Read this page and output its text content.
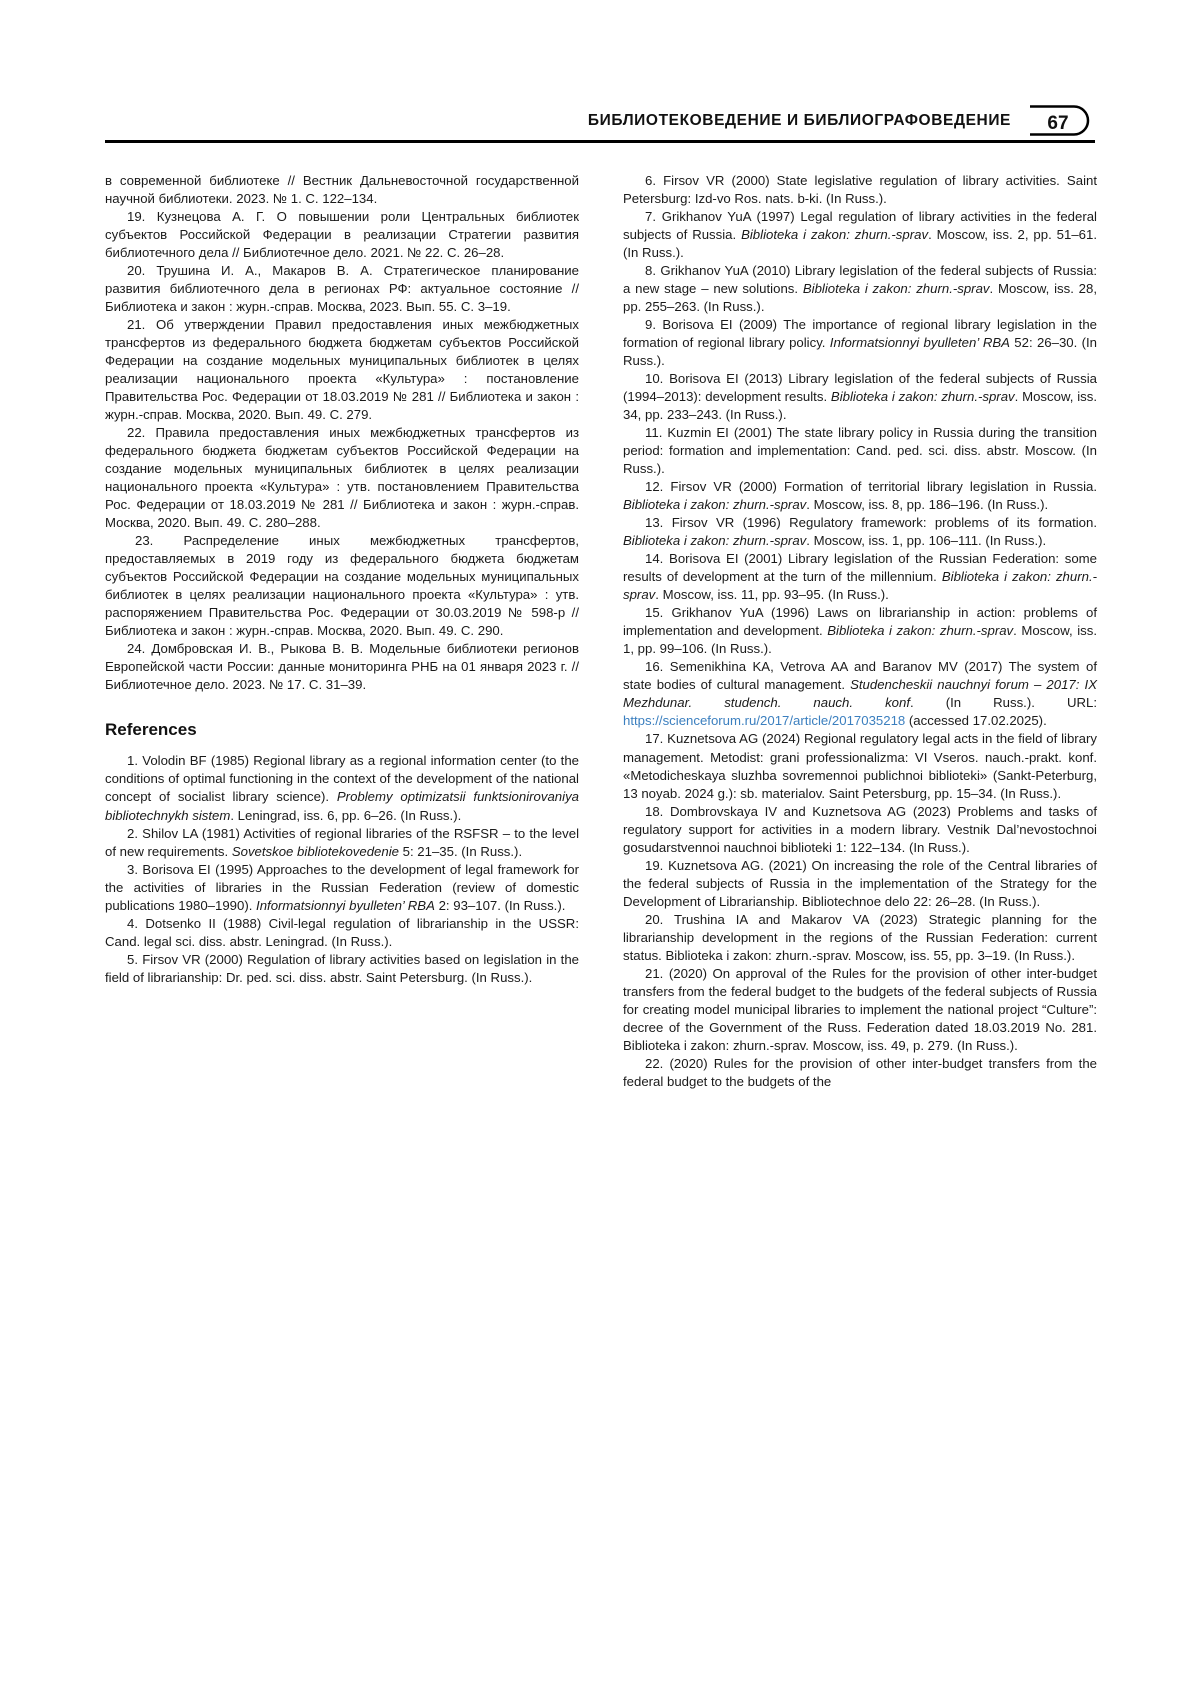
БИБЛИОТЕКОВЕДЕНИЕ И БИБЛИОГРАФОВЕДЕНИЕ	67

в современной библиотеке // Вестник Дальневосточной государственной научной библиотеки. 2023. № 1. С. 122–134.

19. Кузнецова А. Г. О повышении роли Центральных библиотек субъектов Российской Федерации в реализации Стратегии развития библиотечного дела // Библиотечное дело. 2021. № 22. С. 26–28.

20. Трушина И. А., Макаров В. А. Стратегическое планирование развития библиотечного дела в регионах РФ: актуальное состояние // Библиотека и закон : журн.-справ. Москва, 2023. Вып. 55. С. 3–19.

21. Об утверждении Правил предоставления иных межбюджетных трансфертов из федерального бюджета бюджетам субъектов Российской Федерации на создание модельных муниципальных библиотек в целях реализации национального проекта «Культура» : постановление Правительства Рос. Федерации от 18.03.2019 № 281 // Библиотека и закон : журн.-справ. Москва, 2020. Вып. 49. С. 279.

22. Правила предоставления иных межбюджетных трансфертов из федерального бюджета бюджетам субъектов Российской Федерации на создание модельных муниципальных библиотек в целях реализации национального проекта «Культура» : утв. постановлением Правительства Рос. Федерации от 18.03.2019 № 281 // Библиотека и закон : журн.-справ. Москва, 2020. Вып. 49. С. 280–288.

23. Распределение иных межбюджетных трансфертов, предоставляемых в 2019 году из федерального бюджета бюджетам субъектов Российской Федерации на создание модельных муниципальных библиотек в целях реализации национального проекта «Культура» : утв. распоряжением Правительства Рос. Федерации от 30.03.2019 № 598-р // Библиотека и закон : журн.-справ. Москва, 2020. Вып. 49. С. 290.

24. Домбровская И. В., Рыкова В. В. Модельные библиотеки регионов Европейской части России: данные мониторинга РНБ на 01 января 2023 г. // Библиотечное дело. 2023. № 17. С. 31–39.

References

1. Volodin BF (1985) Regional library as a regional information center (to the conditions of optimal functioning in the context of the development of the national concept of socialist library science). Problemy optimizatsii funktsionirovaniya bibliotechnykh sistem. Leningrad, iss. 6, pp. 6–26. (In Russ.).

2. Shilov LA (1981) Activities of regional libraries of the RSFSR – to the level of new requirements. Sovetskoe bibliotekovedenie 5: 21–35. (In Russ.).

3. Borisova EI (1995) Approaches to the development of legal framework for the activities of libraries in the Russian Federation (review of domestic publications 1980–1990). Informatsionnyi byulleten’ RBA 2: 93–107. (In Russ.).

4. Dotsenko II (1988) Civil-legal regulation of librarianship in the USSR: Cand. legal sci. diss. abstr. Leningrad. (In Russ.).

5. Firsov VR (2000) Regulation of library activities based on legislation in the field of librarianship: Dr. ped. sci. diss. abstr. Saint Petersburg. (In Russ.).

6. Firsov VR (2000) State legislative regulation of library activities. Saint Petersburg: Izd-vo Ros. nats. b-ki. (In Russ.).

7. Grikhanov YuA (1997) Legal regulation of library activities in the federal subjects of Russia. Biblioteka i zakon: zhurn.-sprav. Moscow, iss. 2, pp. 51–61. (In Russ.).

8. Grikhanov YuA (2010) Library legislation of the federal subjects of Russia: a new stage – new solutions. Biblioteka i zakon: zhurn.-sprav. Moscow, iss. 28, pp. 255–263. (In Russ.).

9. Borisova EI (2009) The importance of regional library legislation in the formation of regional library policy. Informatsionnyi byulleten’ RBA 52: 26–30. (In Russ.).

10. Borisova EI (2013) Library legislation of the federal subjects of Russia (1994–2013): development results. Biblioteka i zakon: zhurn.-sprav. Moscow, iss. 34, pp. 233–243. (In Russ.).

11. Kuzmin EI (2001) The state library policy in Russia during the transition period: formation and implementation: Cand. ped. sci. diss. abstr. Moscow. (In Russ.).

12. Firsov VR (2000) Formation of territorial library legislation in Russia. Biblioteka i zakon: zhurn.-sprav. Moscow, iss. 8, pp. 186–196. (In Russ.).

13. Firsov VR (1996) Regulatory framework: problems of its formation. Biblioteka i zakon: zhurn.-sprav. Moscow, iss. 1, pp. 106–111. (In Russ.).

14. Borisova EI (2001) Library legislation of the Russian Federation: some results of development at the turn of the millennium. Biblioteka i zakon: zhurn.-sprav. Moscow, iss. 11, pp. 93–95. (In Russ.).

15. Grikhanov YuA (1996) Laws on librarianship in action: problems of implementation and development. Biblioteka i zakon: zhurn.-sprav. Moscow, iss. 1, pp. 99–106. (In Russ.).

16. Semenikhina KA, Vetrova AA and Baranov MV (2017) The system of state bodies of cultural management. Studencheskii nauchnyi forum – 2017: IX Mezhdunar. studench. nauch. konf. (In Russ.). URL: https://scienceforum.ru/2017/article/2017035218 (accessed 17.02.2025).

17. Kuznetsova AG (2024) Regional regulatory legal acts in the field of library management. Metodist: grani professionalizma: VI Vseros. nauch.-prakt. konf. «Metodicheskaya sluzhba sovremennoi publichnoi biblioteki» (Sankt-Peterburg, 13 noyab. 2024 g.): sb. materialov. Saint Petersburg, pp. 15–34. (In Russ.).

18. Dombrovskaya IV and Kuznetsova AG (2023) Problems and tasks of regulatory support for activities in a modern library. Vestnik Dal’nevostochnoi gosudarstvennoi nauchnoi biblioteki 1: 122–134. (In Russ.).

19. Kuznetsova AG. (2021) On increasing the role of the Central libraries of the federal subjects of Russia in the implementation of the Strategy for the Development of Librarianship. Bibliotechnoe delo 22: 26–28. (In Russ.).

20. Trushina IA and Makarov VA (2023) Strategic planning for the librarianship development in the regions of the Russian Federation: current status. Biblioteka i zakon: zhurn.-sprav. Moscow, iss. 55, pp. 3–19. (In Russ.).

21. (2020) On approval of the Rules for the provision of other inter-budget transfers from the federal budget to the budgets of the federal subjects of Russia for creating model municipal libraries to implement the national project “Culture”: decree of the Government of the Russ. Federation dated 18.03.2019 No. 281. Biblioteka i zakon: zhurn.-sprav. Moscow, iss. 49, p. 279. (In Russ.).

22. (2020) Rules for the provision of other inter-budget transfers from the federal budget to the budgets of the
